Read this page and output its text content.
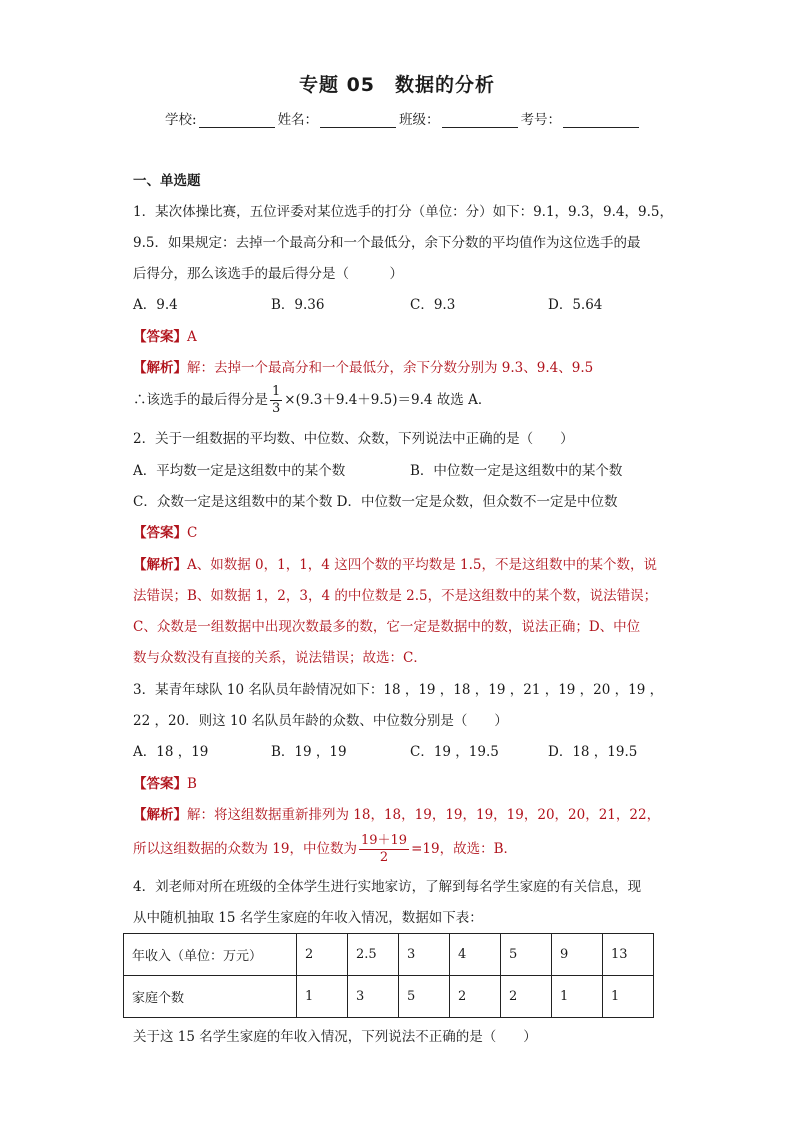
专题 05 数据的分析
学校:	姓名：	班级：	考号：
一、单选题
1．某次体操比赛，五位评委对某位选手的打分（单位：分）如下：9.1，9.3，9.4，9.5，
9.5．如果规定：去掉一个最高分和一个最低分，余下分数的平均值作为这位选手的最
后得分，那么该选手的最后得分是（　　　）
A．9.4	B．9.36	C．9.3	D．5.64
【答案】A
【解析】解：去掉一个最高分和一个最低分，余下分数分别为 9.3、9.4、9.5
∴该选手的最后得分是 $\frac{1}{3} \times(9.3+9.4+9.5)=9.4$ 故选 A．
2．关于一组数据的平均数、中位数、众数，下列说法中正确的是（　　）
A．平均数一定是这组数中的某个数	B．中位数一定是这组数中的某个数
C．众数一定是这组数中的某个数 D．中位数一定是众数，但众数不一定是中位数
【答案】C
【解析】A、如数据 0，1，1，4 这四个数的平均数是 1.5，不是这组数中的某个数，说
法错误；B、如数据 1，2，3，4 的中位数是 2.5，不是这组数中的某个数，说法错误；
C、众数是一组数据中出现次数最多的数，它一定是数据中的数，说法正确；D、中位
数与众数没有直接的关系，说法错误；故选：C．
3．某青年球队 10 名队员年龄情况如下：18 ，19 ，18 ，19 ，21 ，19 ，20 ，19 ，
22 ，20．则这 10 名队员年龄的众数、中位数分别是（　　）
A．18 ，19	B．19 ，19	C．19 ，19.5	D．18 ，19.5
【答案】B
【解析】解：将这组数据重新排列为 18，18，19，19，19，19，20，20，21，22，
所以这组数据的众数为 19，中位数为 $\frac{19+19}{2} =19$，故选：B．
4．刘老师对所在班级的全体学生进行实地家访，了解到每名学生家庭的有关信息，现
从中随机抽取 15 名学生家庭的年收入情况，数据如下表：
年收入（单位：万元）	2	2.5	3	4	5	9	13
家庭个数	1	3	5	2	2	1	1
关于这 15 名学生家庭的年收入情况，下列说法不正确的是（　　）
